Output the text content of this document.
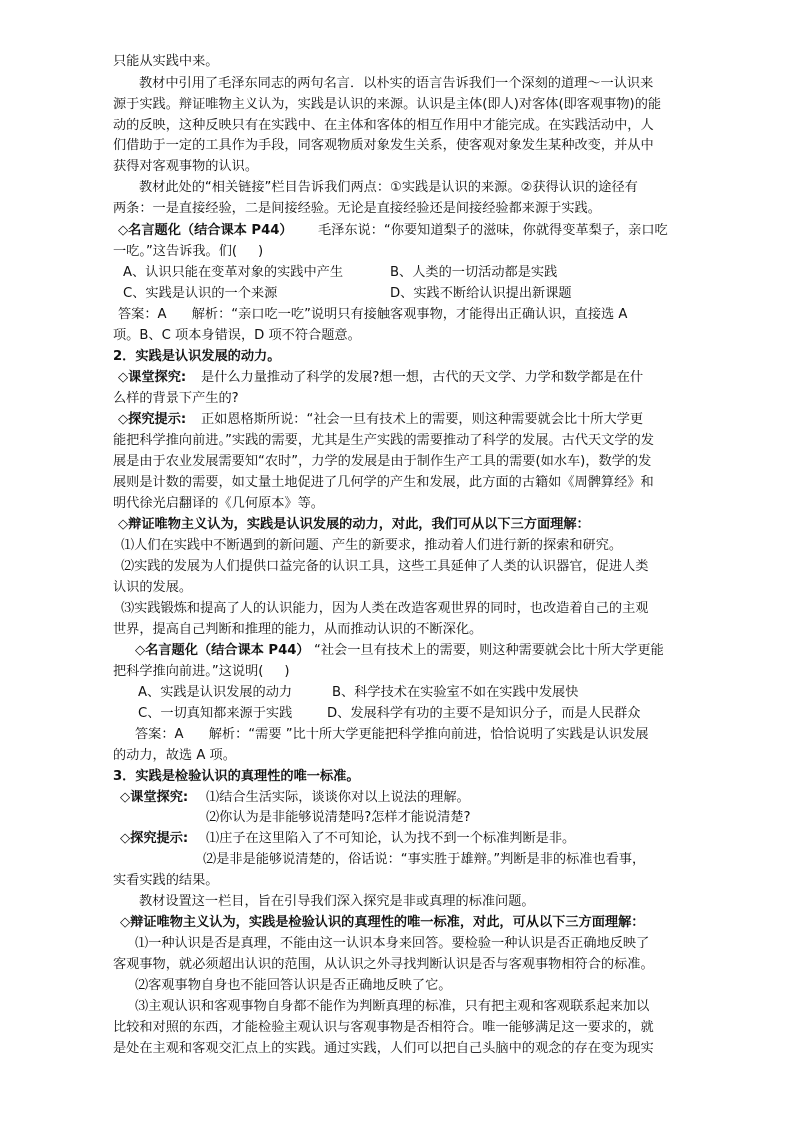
只能从实践中来。
教材中引用了毛泽东同志的两句名言．以朴实的语言告诉我们一个深刻的道理～一认识来
源于实践。辩证唯物主义认为，实践是认识的来源。认识是主体(即人)对客体(即客观事物)的能
动的反映，这种反映只有在实践中、在主体和客体的相互作用中才能完成。在实践活动中，人
们借助于一定的工具作为手段，同客观物质对象发生关系，使客观对象发生某种改变，并从中
获得对客观事物的认识。
教材此处的“相关链接”栏目告诉我们两点：①实践是认识的来源。②获得认识的途径有
两条：一是直接经验，二是间接经验。无论是直接经验还是间接经验都来源于实践。
◇名言题化（结合课本 P44） 毛泽东说：“你要知道梨子的滋味，你就得变革梨子，亲口吃
一吃。”这告诉我。们(     )
A、认识只能在变革对象的实践中产生	B、人类的一切活动都是实践
C、实践是认识的一个来源	D、实践不断给认识提出新课题
答案：A      解析：“亲口吃一吃”说明只有接触客观事物，才能得出正确认识，直接选 A
项。B、C 项本身错误，D 项不符合题意。
2．实践是认识发展的动力。
◇课堂探究: 是什么力量推动了科学的发展?想一想，古代的天文学、力学和数学都是在什
么样的背景下产生的?
◇探究提示: 正如恩格斯所说：“社会一旦有技术上的需要，则这种需要就会比十所大学更
能把科学推向前进。”实践的需要，尤其是生产实践的需要推动了科学的发展。古代天文学的发
展是由于农业发展需要知“农时”，力学的发展是由于制作生产工具的需要(如水车)，数学的发
展则是计数的需要，如丈量土地促进了几何学的产生和发展，此方面的古籍如《周髀算经》和
明代徐光启翻译的《几何原本》等。
◇辩证唯物主义认为，实践是认识发展的动力，对此，我们可从以下三方面理解：
⑴人们在实践中不断遇到的新问题、产生的新要求，推动着人们进行新的探索和研究。
⑵实践的发展为人们提供口益完备的认识工具，这些工具延伸了人类的认识器官，促进人类
认识的发展。
⑶实践锻炼和提高了人的认识能力，因为人类在改造客观世界的同时，也改造着自己的主观
世界，提高自己判断和推理的能力，从而推动认识的不断深化。
◇名言题化（结合课本 P44） “社会一旦有技术上的需要，则这种需要就会比十所大学更能
把科学推向前进。”这说明(     )
A、实践是认识发展的动力	B、科学技术在实验室不如在实践中发展快
C、一切真知都来源于实践	D、发展科学有功的主要不是知识分子，而是人民群众
答案：A      解析：“需要 ”比十所大学更能把科学推向前进，恰恰说明了实践是认识发展
的动力，故选 A 项。
3．实践是检验认识的真理性的唯一标准。
◇课堂探究: ⑴结合生活实际，谈谈你对以上说法的理解。
⑵你认为是非能够说清楚吗?怎样才能说清楚?
◇探究提示: ⑴庄子在这里陷入了不可知论，认为找不到一个标准判断是非。
⑵是非是能够说清楚的，俗话说：“事实胜于雄辩。”判断是非的标准也看事，
实看实践的结果。
教材设置这一栏目，旨在引导我们深入探究是非或真理的标准问题。
◇辩证唯物主义认为，实践是检验认识的真理性的唯一标准，对此，可从以下三方面理解：
⑴一种认识是否是真理，不能由这一认识本身来回答。要检验一种认识是否正确地反映了
客观事物，就必须超出认识的范围，从认识之外寻找判断认识是否与客观事物相符合的标准。
⑵客观事物自身也不能回答认识是否正确地反映了它。
⑶主观认识和客观事物自身都不能作为判断真理的标准，只有把主观和客观联系起来加以
比较和对照的东西，才能检验主观认识与客观事物是否相符合。唯一能够满足这一要求的，就
是处在主观和客观交汇点上的实践。通过实践，人们可以把自己头脑中的观念的存在变为现实
